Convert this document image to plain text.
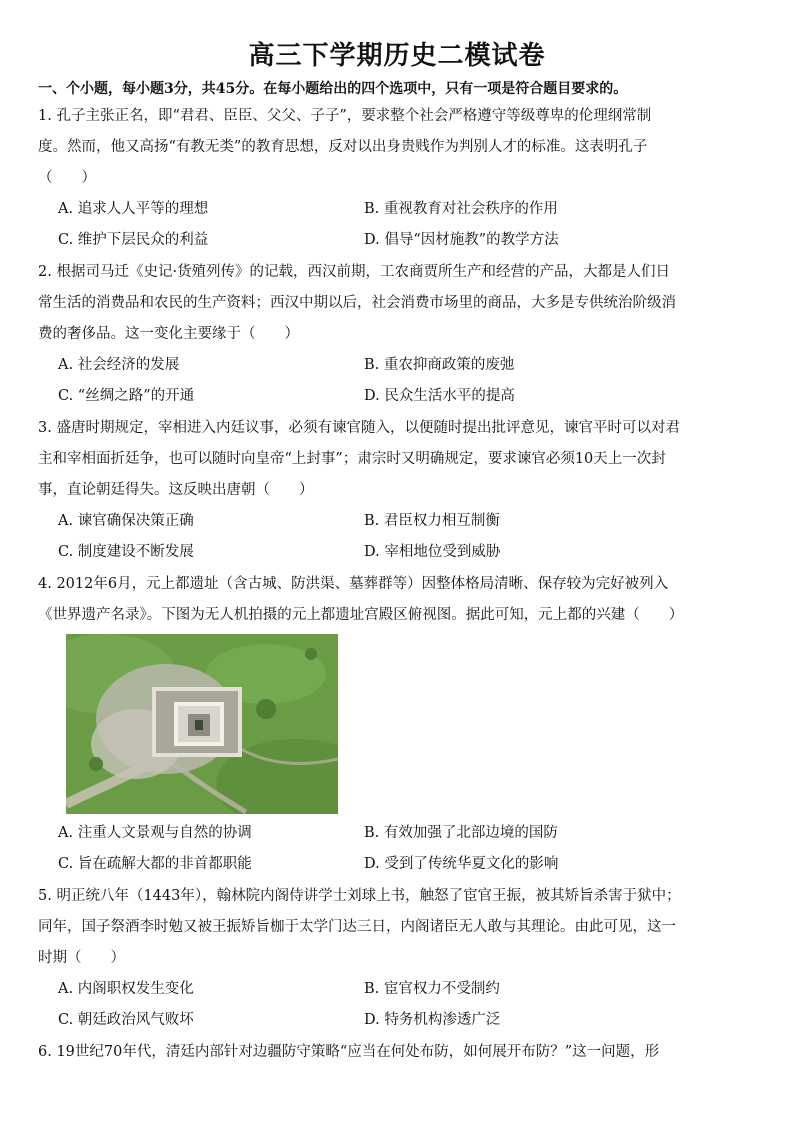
高三下学期历史二模试卷
一、个小题，每小题3分，共45分。在每小题给出的四个选项中，只有一项是符合题目要求的。
1. 孔子主张正名，即“君君、臣臣、父父、子子”，要求整个社会严格遵守等级尊卑的伦理纲常制
度。然而，他又高扬“有教无类”的教育思想，反对以出身贵贱作为判别人才的标准。这表明孔子
（　　）
A. 追求人人平等的理想	B. 重视教育对社会秩序的作用
C. 维护下层民众的利益	D. 倡导“因材施教”的教学方法
2. 根据司马迁《史记·货殖列传》的记载，西汉前期，工农商贾所生产和经营的产品，大都是人们日
常生活的消费品和农民的生产资料；西汉中期以后，社会消费市场里的商品，大多是专供统治阶级消
费的奢侈品。这一变化主要缘于（　　）
A. 社会经济的发展	B. 重农抑商政策的废弛
C. “丝绸之路”的开通	D. 民众生活水平的提高
3. 盛唐时期规定，宰相进入内廷议事，必须有谏官随入，以便随时提出批评意见，谏官平时可以对君
主和宰相面折廷争，也可以随时向皇帝“上封事”；肃宗时又明确规定，要求谏官必须10天上一次封
事，直论朝廷得失。这反映出唐朝（　　）
A. 谏官确保决策正确	B. 君臣权力相互制衡
C. 制度建设不断发展	D. 宰相地位受到威胁
4. 2012年6月，元上都遗址（含古城、防洪渠、墓葬群等）因整体格局清晰、保存较为完好被列入
《世界遗产名录》。下图为无人机拍摄的元上都遗址宫殿区俯视图。据此可知，元上都的兴建（　　）
A. 注重人文景观与自然的协调	B. 有效加强了北部边境的国防
C. 旨在疏解大都的非首都职能	D. 受到了传统华夏文化的影响
5. 明正统八年（1443年），翰林院内阁侍讲学士刘球上书，触怒了宦官王振，被其矫旨杀害于狱中；
同年，国子祭酒李时勉又被王振矫旨枷于太学门达三日，内阁诸臣无人敢与其理论。由此可见，这一
时期（　　）
A. 内阁职权发生变化	B. 宦官权力不受制约
C. 朝廷政治风气败坏	D. 特务机构渗透广泛
6. 19世纪70年代，清廷内部针对边疆防守策略“应当在何处布防，如何展开布防？”这一问题，形
